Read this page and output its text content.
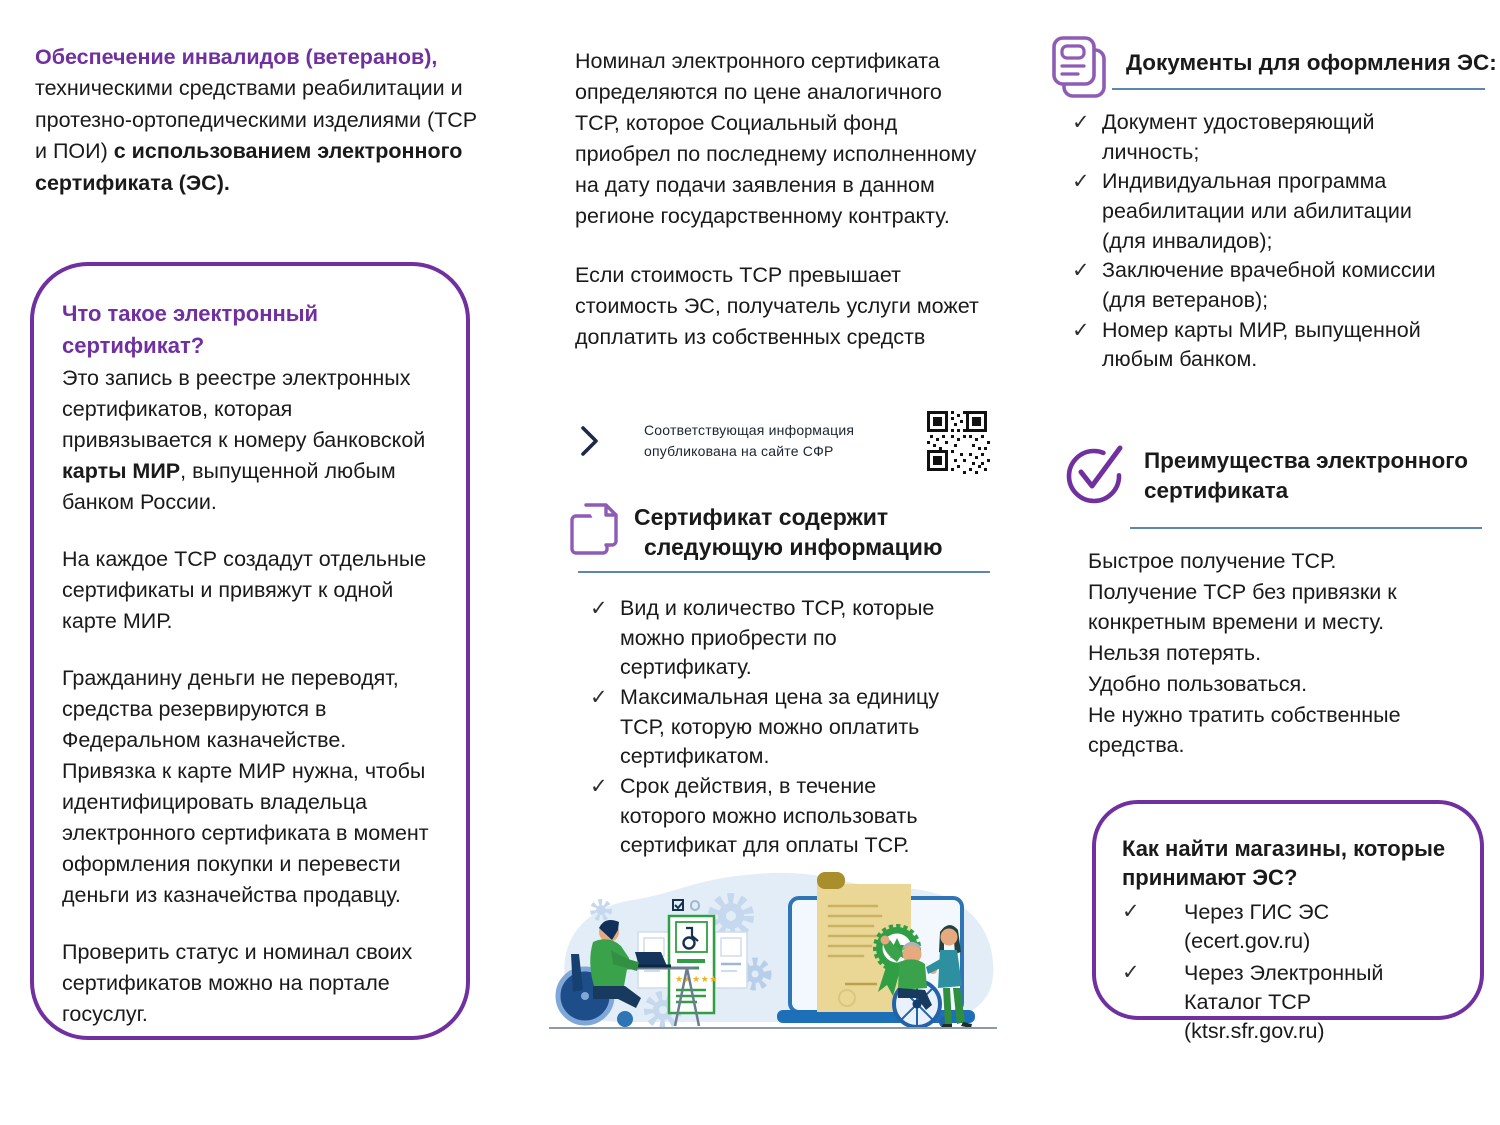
Обеспечение инвалидов (ветеранов),
техническими средствами реабилитации и протезно-ортопедическими изделиями (ТСР и ПОИ) с использованием электронного сертификата (ЭС).
Что такое электронный сертификат?

Это запись в реестре электронных сертификатов, которая привязывается к номеру банковской карты МИР, выпущенной любым банком России.

На каждое ТСР создадут отдельные сертификаты и привяжут к одной карте МИР.

Гражданину деньги не переводят, средства резервируются в Федеральном казначействе. Привязка к карте МИР нужна, чтобы идентифицировать владельца электронного сертификата в момент оформления покупки и перевести деньги из казначейства продавцу.

Проверить статус и номинал своих сертификатов можно на портале госуслуг.

Номинал электронного сертификата определяются по цене аналогичного ТСР, которое Социальный фонд приобрел по последнему исполненному на дату подачи заявления в данном регионе государственному контракту.

Если стоимость ТСР превышает стоимость ЭС, получатель услуги может доплатить из собственных средств

Соответствующая информация
опубликована на сайте СФР
Сертификат содержит
следующую информацию
✓ Вид и количество ТСР, которые можно приобрести по сертификату.
✓ Максимальная цена за единицу ТСР, которую можно оплатить сертификатом.
✓ Срок действия, в течение которого можно использовать сертификат для оплаты ТСР.
★★★★★
Документы для оформления ЭС:
✓ Документ удостоверяющий личность;
✓ Индивидуальная программа реабилитации или абилитации (для инвалидов);
✓ Заключение врачебной комиссии (для ветеранов);
✓ Номер карты МИР, выпущенной любым банком.
Преимущества электронного
сертификата
Быстрое получение ТСР.
Получение ТСР без привязки к конкретным времени и месту.
Нельзя потерять.
Удобно пользоваться.
Не нужно тратить собственные средства.
Как найти магазины, которые
принимают ЭС?
✓	Через ГИС ЭС (ecert.gov.ru)
✓	Через Электронный Каталог ТСР (ktsr.sfr.gov.ru)
